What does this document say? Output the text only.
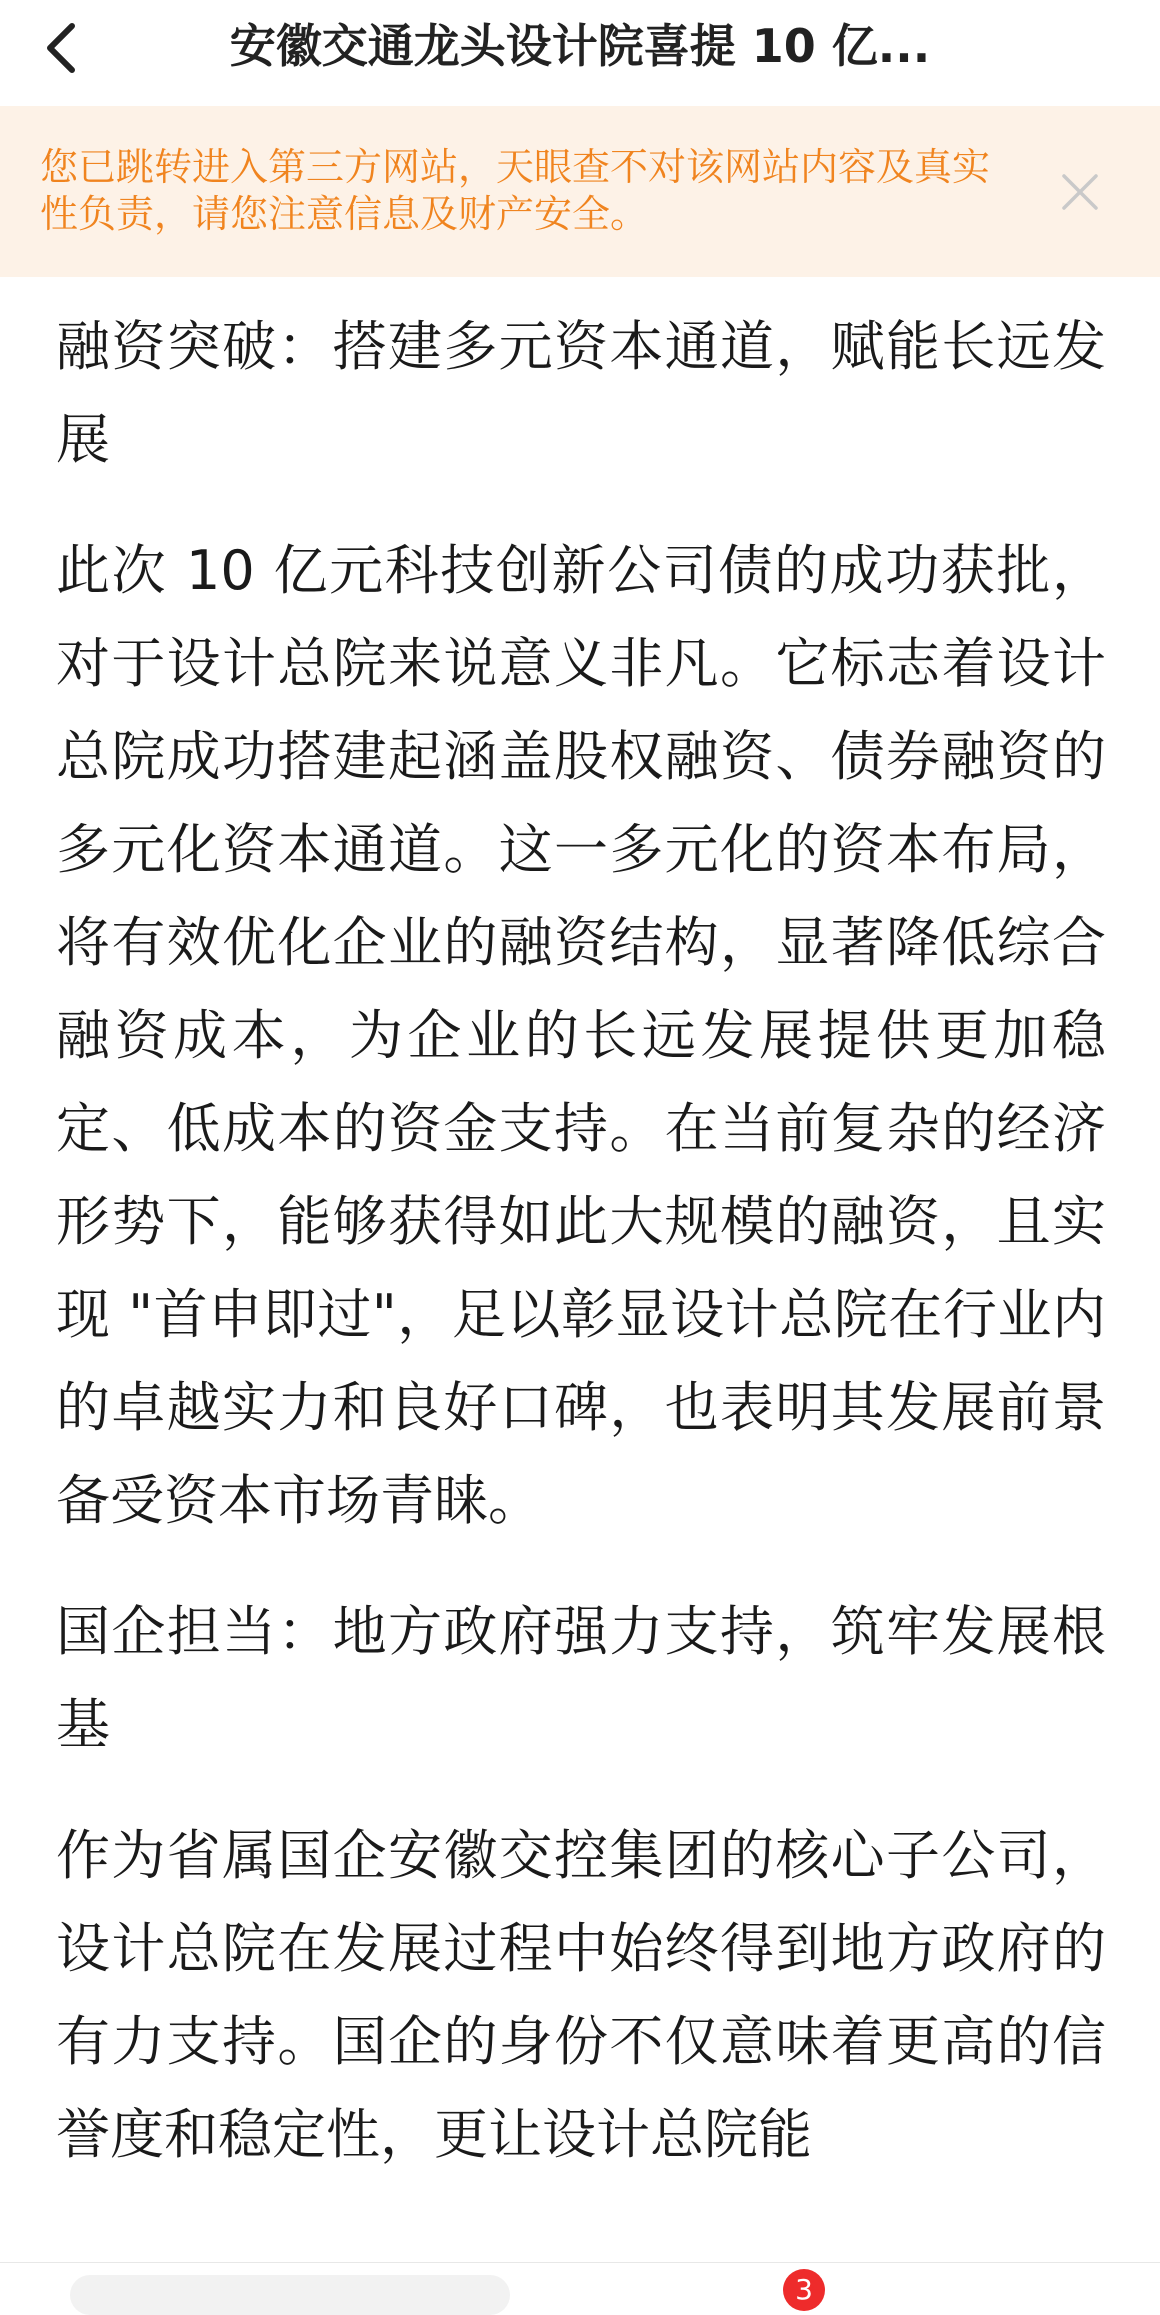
安徽交通龙头设计院喜提 10 亿...
您已跳转进入第三方网站，天眼查不对该网站内容及真实性负责，请您注意信息及财产安全。

融资突破：搭建多元资本通道，赋能长远发展

此次 10 亿元科技创新公司债的成功获批，对于设计总院来说意义非凡。它标志着设计总院成功搭建起涵盖股权融资、债券融资的多元化资本通道。这一多元化的资本布局，将有效优化企业的融资结构，显著降低综合融资成本，为企业的长远发展提供更加稳定、低成本的资金支持。在当前复杂的经济形势下，能够获得如此大规模的融资，且实现 "首申即过"，足以彰显设计总院在行业内的卓越实力和良好口碑，也表明其发展前景备受资本市场青睐。

国企担当：地方政府强力支持，筑牢发展根基

作为省属国企安徽交控集团的核心子公司，设计总院在发展过程中始终得到地方政府的有力支持。国企的身份不仅意味着更高的信誉度和稳定性，更让设计总院能

3
